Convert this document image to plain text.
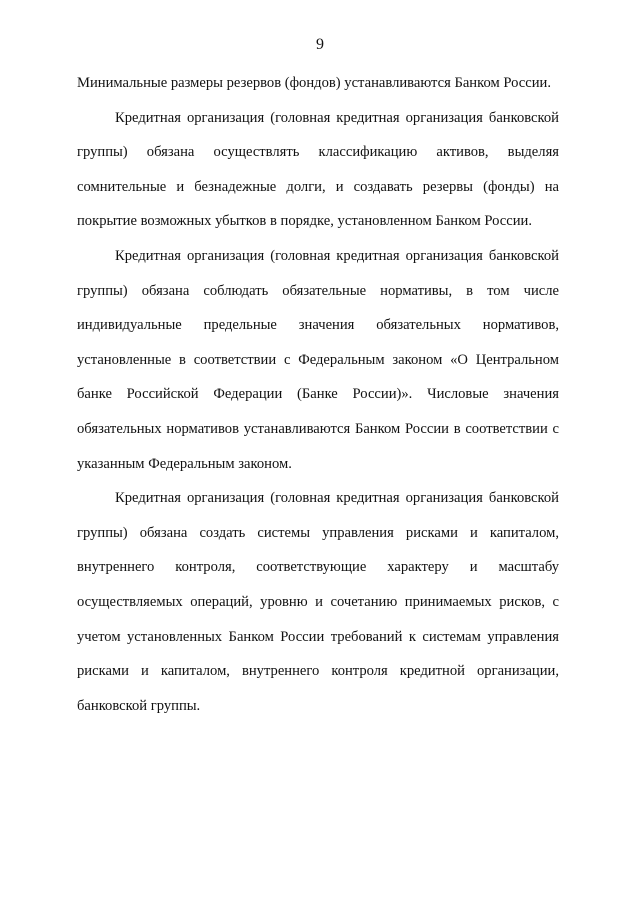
9

Минимальные размеры резервов (фондов) устанавливаются Банком России.

Кредитная организация (головная кредитная организация банковской группы) обязана осуществлять классификацию активов, выделяя сомнительные и безнадежные долги, и создавать резервы (фонды) на покрытие возможных убытков в порядке, установленном Банком России.

Кредитная организация (головная кредитная организация банковской группы) обязана соблюдать обязательные нормативы, в том числе индивидуальные предельные значения обязательных нормативов, установленные в соответствии с Федеральным законом «О Центральном банке Российской Федерации (Банке России)». Числовые значения обязательных нормативов устанавливаются Банком России в соответствии с указанным Федеральным законом.

Кредитная организация (головная кредитная организация банковской группы) обязана создать системы управления рисками и капиталом, внутреннего контроля, соответствующие характеру и масштабу осуществляемых операций, уровню и сочетанию принимаемых рисков, с учетом установленных Банком России требований к системам управления рисками и капиталом, внутреннего контроля кредитной организации, банковской группы.
